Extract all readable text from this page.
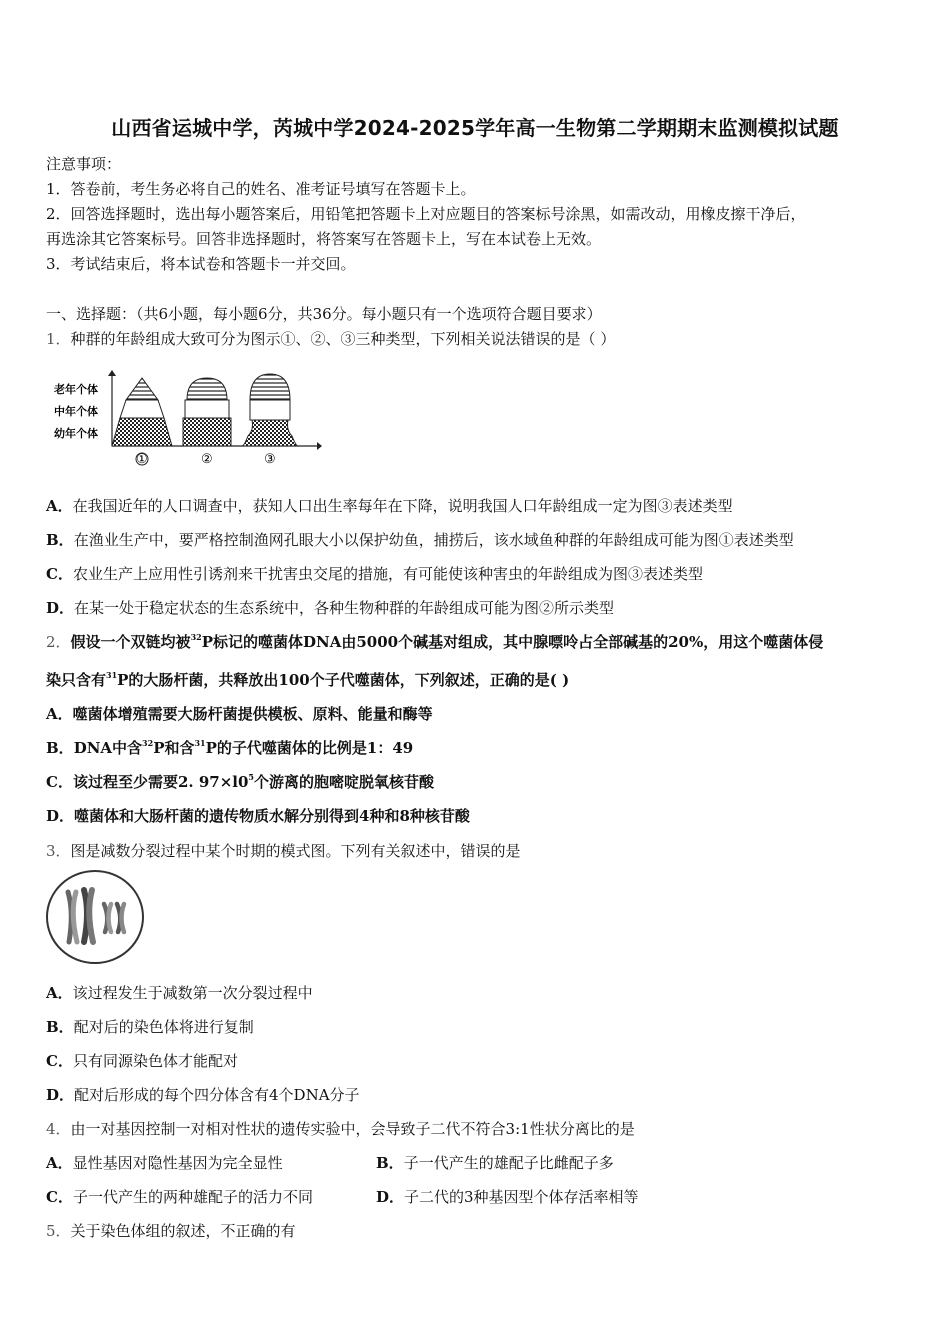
山西省运城中学，芮城中学2024-2025学年高一生物第二学期期末监测模拟试题
注意事项：
1．答卷前，考生务必将自己的姓名、准考证号填写在答题卡上。
2．回答选择题时，选出每小题答案后，用铅笔把答题卡上对应题目的答案标号涂黑，如需改动，用橡皮擦干净后，
再选涂其它答案标号。回答非选择题时，将答案写在答题卡上，写在本试卷上无效。
3．考试结束后，将本试卷和答题卡一并交回。
一、选择题：（共6小题，每小题6分，共36分。每小题只有一个选项符合题目要求）
1．种群的年龄组成大致可分为图示①、②、③三种类型，下列相关说法错误的是（ ）
老年个体
中年个体
幼年个体
①	②	③
A．在我国近年的人口调查中，获知人口出生率每年在下降，说明我国人口年龄组成一定为图③表述类型
B．在渔业生产中，要严格控制渔网孔眼大小以保护幼鱼，捕捞后，该水域鱼种群的年龄组成可能为图①表述类型
C．农业生产上应用性引诱剂来干扰害虫交尾的措施，有可能使该种害虫的年龄组成为图③表述类型
D．在某一处于稳定状态的生态系统中，各种生物种群的年龄组成可能为图②所示类型
2．假设一个双链均被$^{32}$P标记的噬菌体DNA由5000个碱基对组成，其中腺嘌呤占全部碱基的20%，用这个噬菌体侵
染只含有$^{31}$P的大肠杆菌，共释放出100个子代噬菌体，下列叙述，正确的是( )
A．噬菌体增殖需要大肠杆菌提供模板、原料、能量和酶等
B．DNA中含$^{32}$P和含$^{31}$P的子代噬菌体的比例是1：49
C．该过程至少需要2. $97\times l0^5$个游离的胞嘧啶脱氧核苷酸
D．噬菌体和大肠杆菌的遗传物质水解分别得到4种和8种核苷酸
3．图是减数分裂过程中某个时期的模式图。下列有关叙述中，错误的是
A．该过程发生于减数第一次分裂过程中
B．配对后的染色体将进行复制
C．只有同源染色体才能配对
D．配对后形成的每个四分体含有4个DNA分子
4．由一对基因控制一对相对性状的遗传实验中，会导致子二代不符合3:1性状分离比的是
A．显性基因对隐性基因为完全显性	B．子一代产生的雄配子比雌配子多
C．子一代产生的两种雄配子的活力不同	D．子二代的3种基因型个体存活率相等
5．关于染色体组的叙述，不正确的有
